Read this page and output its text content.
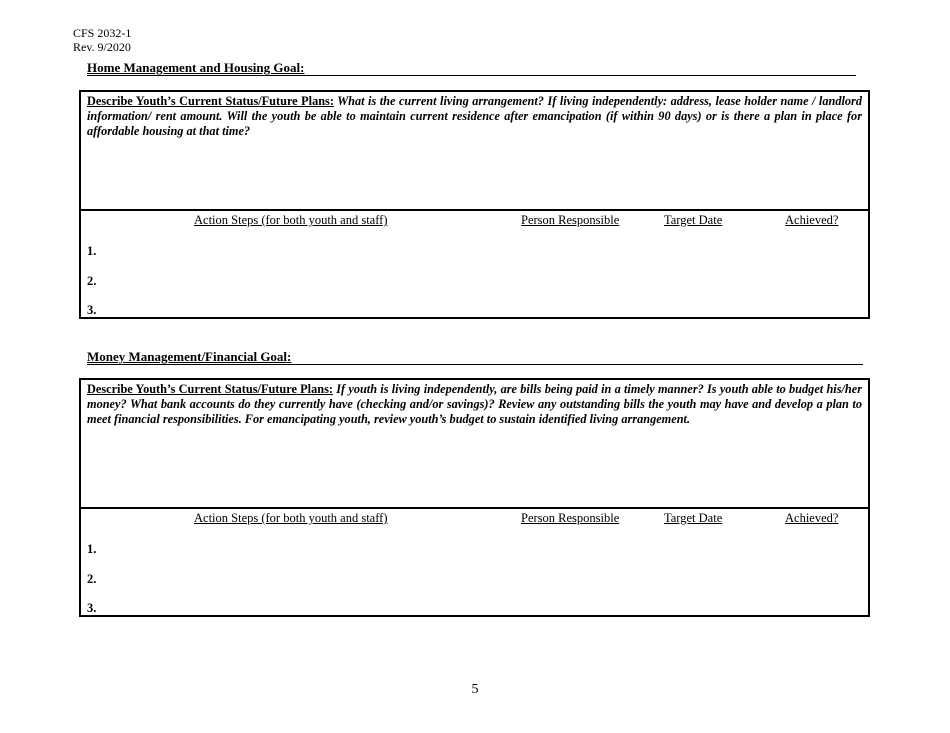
CFS 2032-1
Rev. 9/2020
Home Management and Housing Goal:
Describe Youth’s Current Status/Future Plans: What is the current living arrangement? If living independently: address, lease holder name / landlord information/ rent amount. Will the youth be able to maintain current residence after emancipation (if within 90 days) or is there a plan in place for affordable housing at that time?
Action Steps (for both youth and staff)	Person Responsible	Target Date	Achieved?
1.
2.
3.
Money Management/Financial Goal:
Describe Youth’s Current Status/Future Plans: If youth is living independently, are bills being paid in a timely manner? Is youth able to budget his/her money? What bank accounts do they currently have (checking and/or savings)? Review any outstanding bills the youth may have and develop a plan to meet financial responsibilities. For emancipating youth, review youth’s budget to sustain identified living arrangement.
Action Steps (for both youth and staff)	Person Responsible	Target Date	Achieved?
1.
2.
3.
5
